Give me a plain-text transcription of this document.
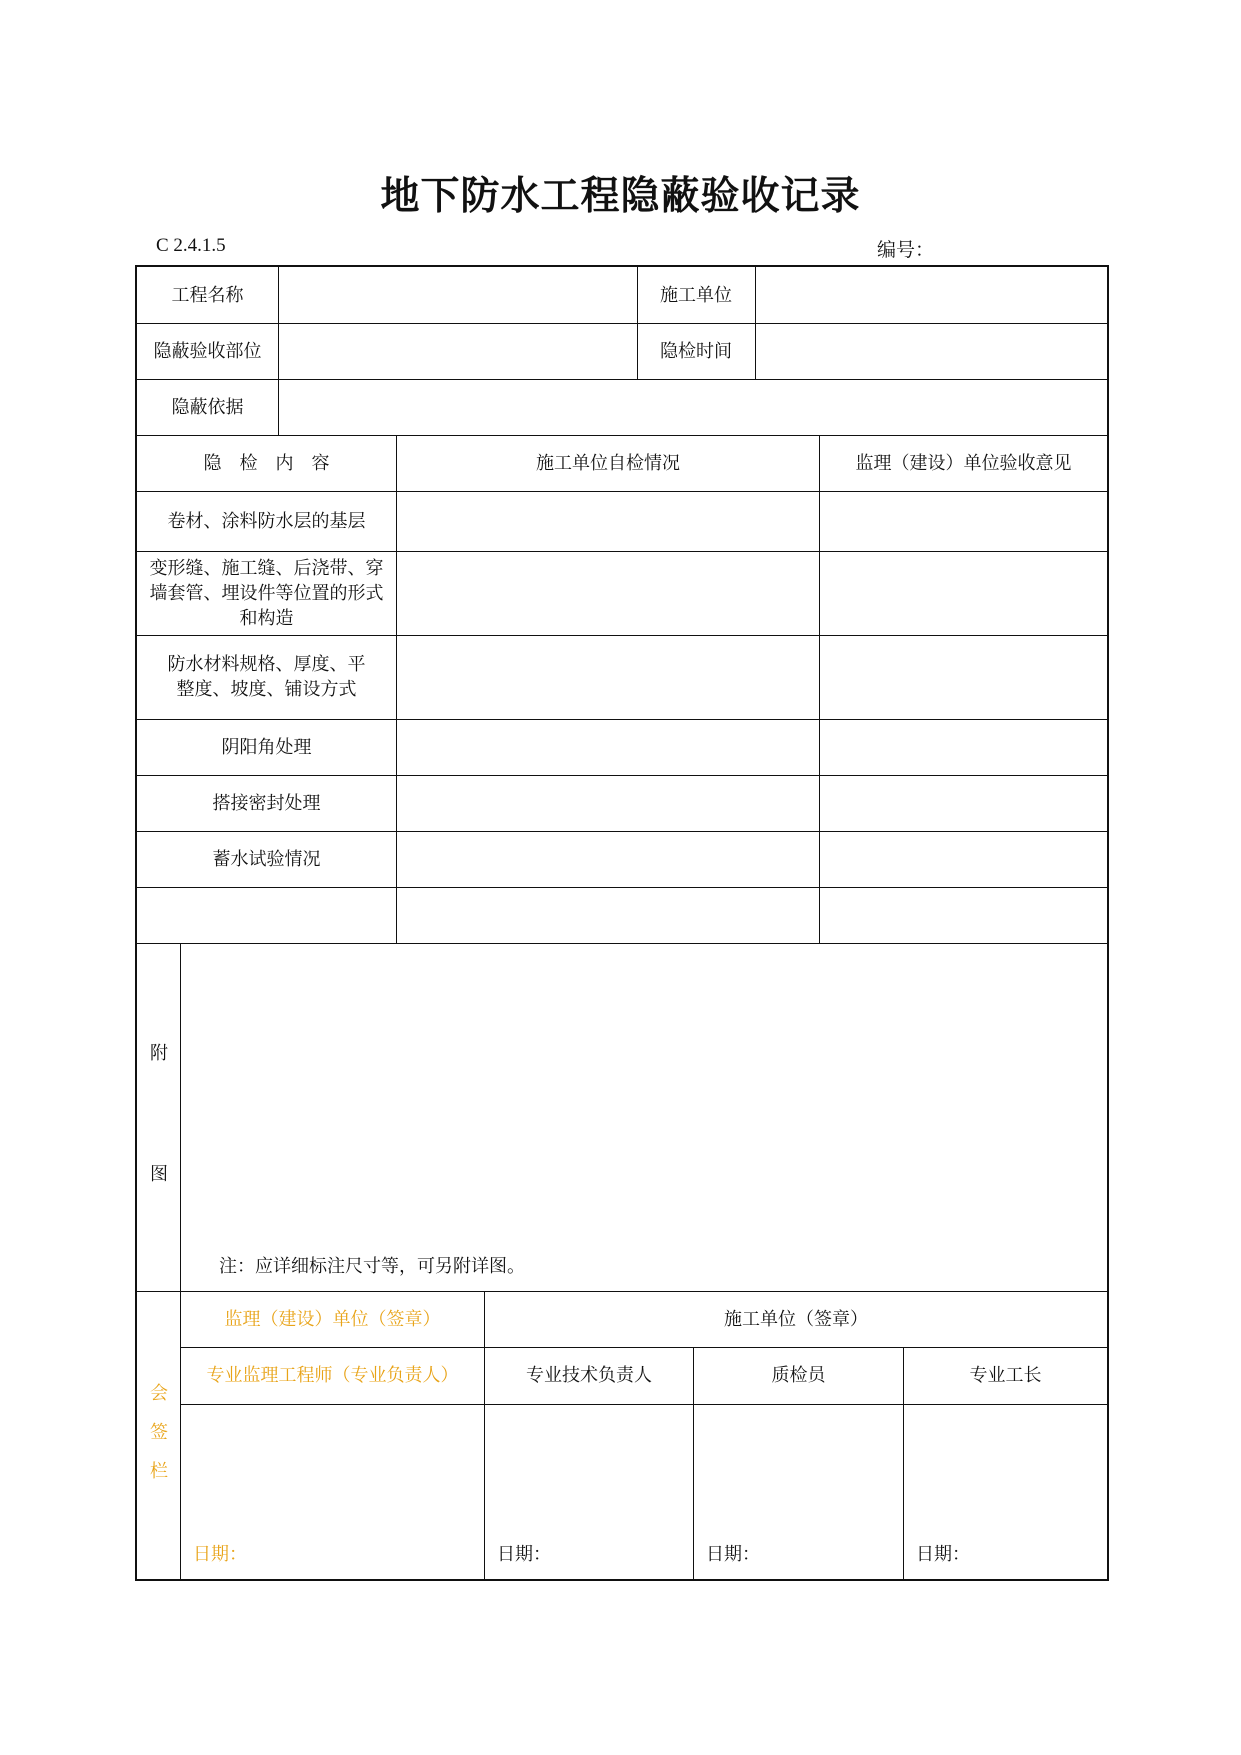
地下防水工程隐蔽验收记录
C 2.4.1.5	编号：
工程名称	施工单位
隐蔽验收部位	隐检时间
隐蔽依据
隐　检　内　容	施工单位自检情况	监理（建设）单位验收意见
卷材、涂料防水层的基层
变形缝、施工缝、后浇带、穿墙套管、埋设件等位置的形式和构造
防水材料规格、厚度、平整度、坡度、铺设方式
阴阳角处理
搭接密封处理
蓄水试验情况
附
图
注：应详细标注尺寸等，可另附详图。
会
签
栏
监理（建设）单位（签章）	施工单位（签章）
专业监理工程师（专业负责人）	专业技术负责人	质检员	专业工长
日期：	日期：	日期：	日期：
